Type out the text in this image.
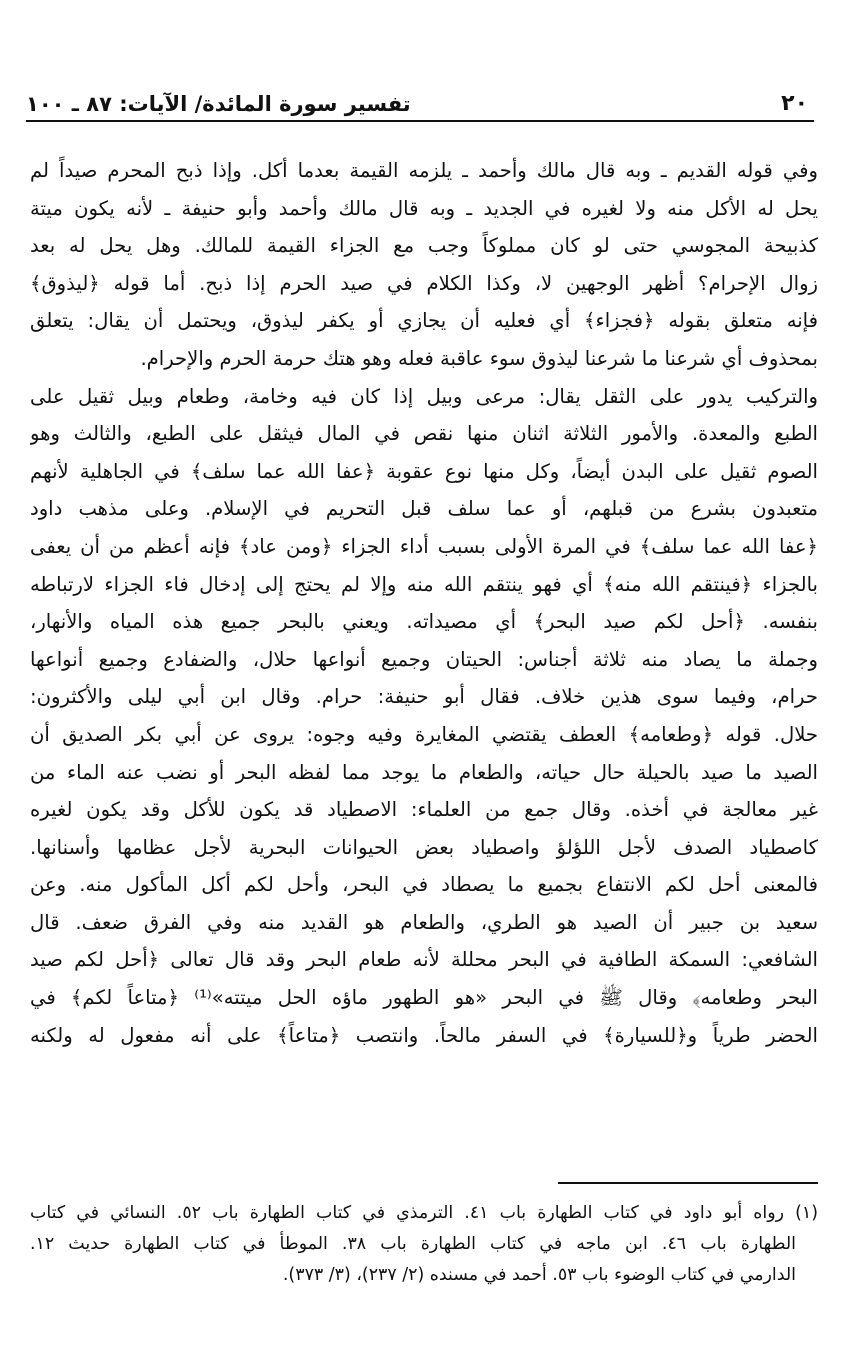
٢٠
تفسير سورة المائدة/ الآيات: ٨٧ ـ ١٠٠
وفي قوله القديم ـ وبه قال مالك وأحمد ـ يلزمه القيمة بعدما أكل. وإذا ذبح المحرم صيداً لم
يحل له الأكل منه ولا لغيره في الجديد ـ وبه قال مالك وأحمد وأبو حنيفة ـ لأنه يكون ميتة
كذبيحة المجوسي حتى لو كان مملوكاً وجب مع الجزاء القيمة للمالك. وهل يحل له بعد
زوال الإحرام؟ أظهر الوجهين لا، وكذا الكلام في صيد الحرم إذا ذبح. أما قوله ﴿ليذوق﴾
فإنه متعلق بقوله ﴿فجزاء﴾ أي فعليه أن يجازي أو يكفر ليذوق، ويحتمل أن يقال: يتعلق
بمحذوف أي شرعنا ما شرعنا ليذوق سوء عاقبة فعله وهو هتك حرمة الحرم والإحرام.
والتركيب يدور على الثقل يقال: مرعى وبيل إذا كان فيه وخامة، وطعام وبيل ثقيل على
الطبع والمعدة. والأمور الثلاثة اثنان منها نقص في المال فيثقل على الطبع، والثالث وهو
الصوم ثقيل على البدن أيضاً، وكل منها نوع عقوبة ﴿عفا الله عما سلف﴾ في الجاهلية لأنهم
متعبدون بشرع من قبلهم، أو عما سلف قبل التحريم في الإسلام. وعلى مذهب داود
﴿عفا الله عما سلف﴾ في المرة الأولى بسبب أداء الجزاء ﴿ومن عاد﴾ فإنه أعظم من أن يعفى
بالجزاء ﴿فينتقم الله منه﴾ أي فهو ينتقم الله منه وإلا لم يحتج إلى إدخال فاء الجزاء لارتباطه
بنفسه. ﴿أحل لكم صيد البحر﴾ أي مصيداته. ويعني بالبحر جميع هذه المياه والأنهار،
وجملة ما يصاد منه ثلاثة أجناس: الحيتان وجميع أنواعها حلال، والضفادع وجميع أنواعها
حرام، وفيما سوى هذين خلاف. فقال أبو حنيفة: حرام. وقال ابن أبي ليلى والأكثرون:
حلال. قوله ﴿وطعامه﴾ العطف يقتضي المغايرة وفيه وجوه: يروى عن أبي بكر الصديق أن
الصيد ما صيد بالحيلة حال حياته، والطعام ما يوجد مما لفظه البحر أو نضب عنه الماء من
غير معالجة في أخذه. وقال جمع من العلماء: الاصطياد قد يكون للأكل وقد يكون لغيره
كاصطياد الصدف لأجل اللؤلؤ واصطياد بعض الحيوانات البحرية لأجل عظامها وأسنانها.
فالمعنى أحل لكم الانتفاع بجميع ما يصطاد في البحر، وأحل لكم أكل المأكول منه. وعن
سعيد بن جبير أن الصيد هو الطري، والطعام هو القديد منه وفي الفرق ضعف. قال
الشافعي: السمكة الطافية في البحر محللة لأنه طعام البحر وقد قال تعالى ﴿أحل لكم صيد
البحر وطعامه﴾ وقال ﷺ في البحر «هو الطهور ماؤه الحل ميتته»⁽¹⁾ ﴿متاعاً لكم﴾ في
الحضر طرياً و﴿للسيارة﴾ في السفر مالحاً. وانتصب ﴿متاعاً﴾ على أنه مفعول له ولكنه
(١) رواه أبو داود في كتاب الطهارة باب ٤١. الترمذي في كتاب الطهارة باب ٥٢. النسائي في كتاب
الطهارة باب ٤٦. ابن ماجه في كتاب الطهارة باب ٣٨. الموطأ في كتاب الطهارة حديث ١٢.
الدارمي في كتاب الوضوء باب ٥٣. أحمد في مسنده (٢/ ٢٣٧)، (٣/ ٣٧٣).
